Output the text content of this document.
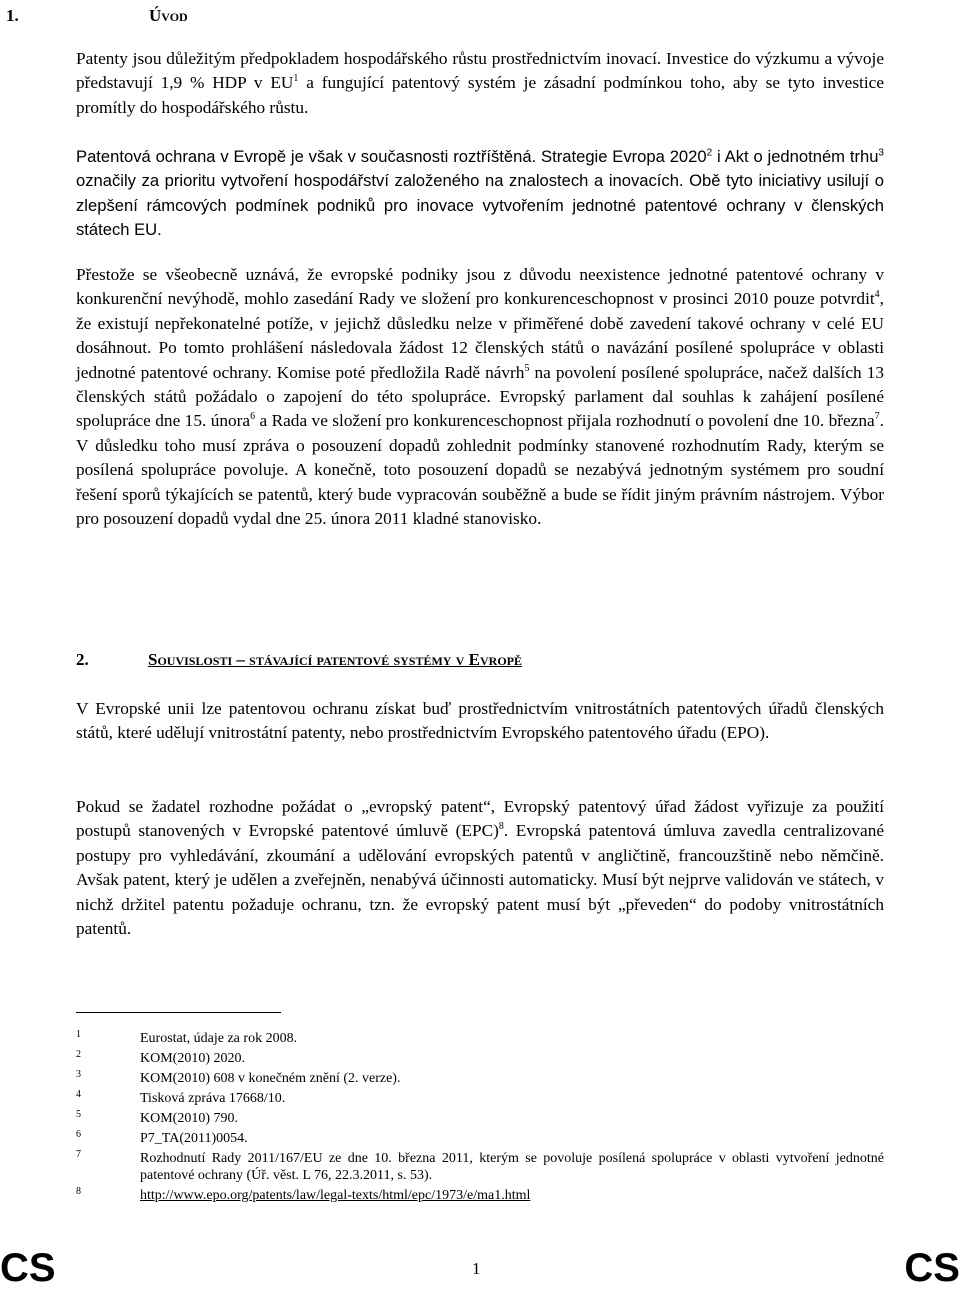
1.	Úvod

Patenty jsou důležitým předpokladem hospodářského růstu prostřednictvím inovací. Investice do výzkumu a vývoje představují 1,9 % HDP v $EU^1$ a fungující patentový systém je zásadní podmínkou toho, aby se tyto investice promítly do hospodářského růstu.

Patentová ochrana v Evropě je však v současnosti roztříštěná. Strategie Evropa 2020$^2$ i Akt o jednotném trhu$^3$ označily za prioritu vytvoření hospodářství založeného na znalostech a inovacích. Obě tyto iniciativy usilují o zlepšení rámcových podmínek podniků pro inovace vytvořením jednotné patentové ochrany v členských státech EU.

Přestože se všeobecně uznává, že evropské podniky jsou z důvodu neexistence jednotné patentové ochrany v konkurenční nevýhodě, mohlo zasedání Rady ve složení pro konkurenceschopnost v prosinci 2010 pouze potvrdit$^4$, že existují nepřekonatelné potíže, v jejichž důsledku nelze v přiměřené době zavedení takové ochrany v celé EU dosáhnout. Po tomto prohlášení následovala žádost 12 členských států o navázání posílené spolupráce v oblasti jednotné patentové ochrany. Komise poté předložila Radě návrh$^5$ na povolení posílené spolupráce, načež dalších 13 členských států požádalo o zapojení do této spolupráce. Evropský parlament dal souhlas k zahájení posílené spolupráce dne 15. února$^6$ a Rada ve složení pro konkurenceschopnost přijala rozhodnutí o povolení dne 10. března$^7$. V důsledku toho musí zpráva o posouzení dopadů zohlednit podmínky stanovené rozhodnutím Rady, kterým se posílená spolupráce povoluje. A konečně, toto posouzení dopadů se nezabývá jednotným systémem pro soudní řešení sporů týkajících se patentů, který bude vypracován souběžně a bude se řídit jiným právním nástrojem. Výbor pro posouzení dopadů vydal dne 25. února 2011 kladné stanovisko.

2.	Souvislosti – stávající patentové systémy v Evropě

V Evropské unii lze patentovou ochranu získat buď prostřednictvím vnitrostátních patentových úřadů členských států, které udělují vnitrostátní patenty, nebo prostřednictvím Evropského patentového úřadu (EPO).

Pokud se žadatel rozhodne požádat o „evropský patent“, Evropský patentový úřad žádost vyřizuje za použití postupů stanovených v Evropské patentové úmluvě (EPC)$^8$. Evropská patentová úmluva zavedla centralizované postupy pro vyhledávání, zkoumání a udělování evropských patentů v angličtině, francouzštině nebo němčině. Avšak patent, který je udělen a zveřejněn, nenabývá účinnosti automaticky. Musí být nejprve validován ve státech, v nichž držitel patentu požaduje ochranu, tzn. že evropský patent musí být „převeden“ do podoby vnitrostátních patentů.

1	Eurostat, údaje za rok 2008.
2	KOM(2010) 2020.
3	KOM(2010) 608 v konečném znění (2. verze).
4	Tisková zpráva 17668/10.
5	KOM(2010) 790.
6	P7_TA(2011)0054.
7	Rozhodnutí Rady 2011/167/EU ze dne 10. března 2011, kterým se povoluje posílená spolupráce v oblasti vytvoření jednotné patentové ochrany (Úř. věst. L 76, 22.3.2011, s. 53).
8	http://www.epo.org/patents/law/legal-texts/html/epc/1973/e/ma1.html
CS	1	CS
